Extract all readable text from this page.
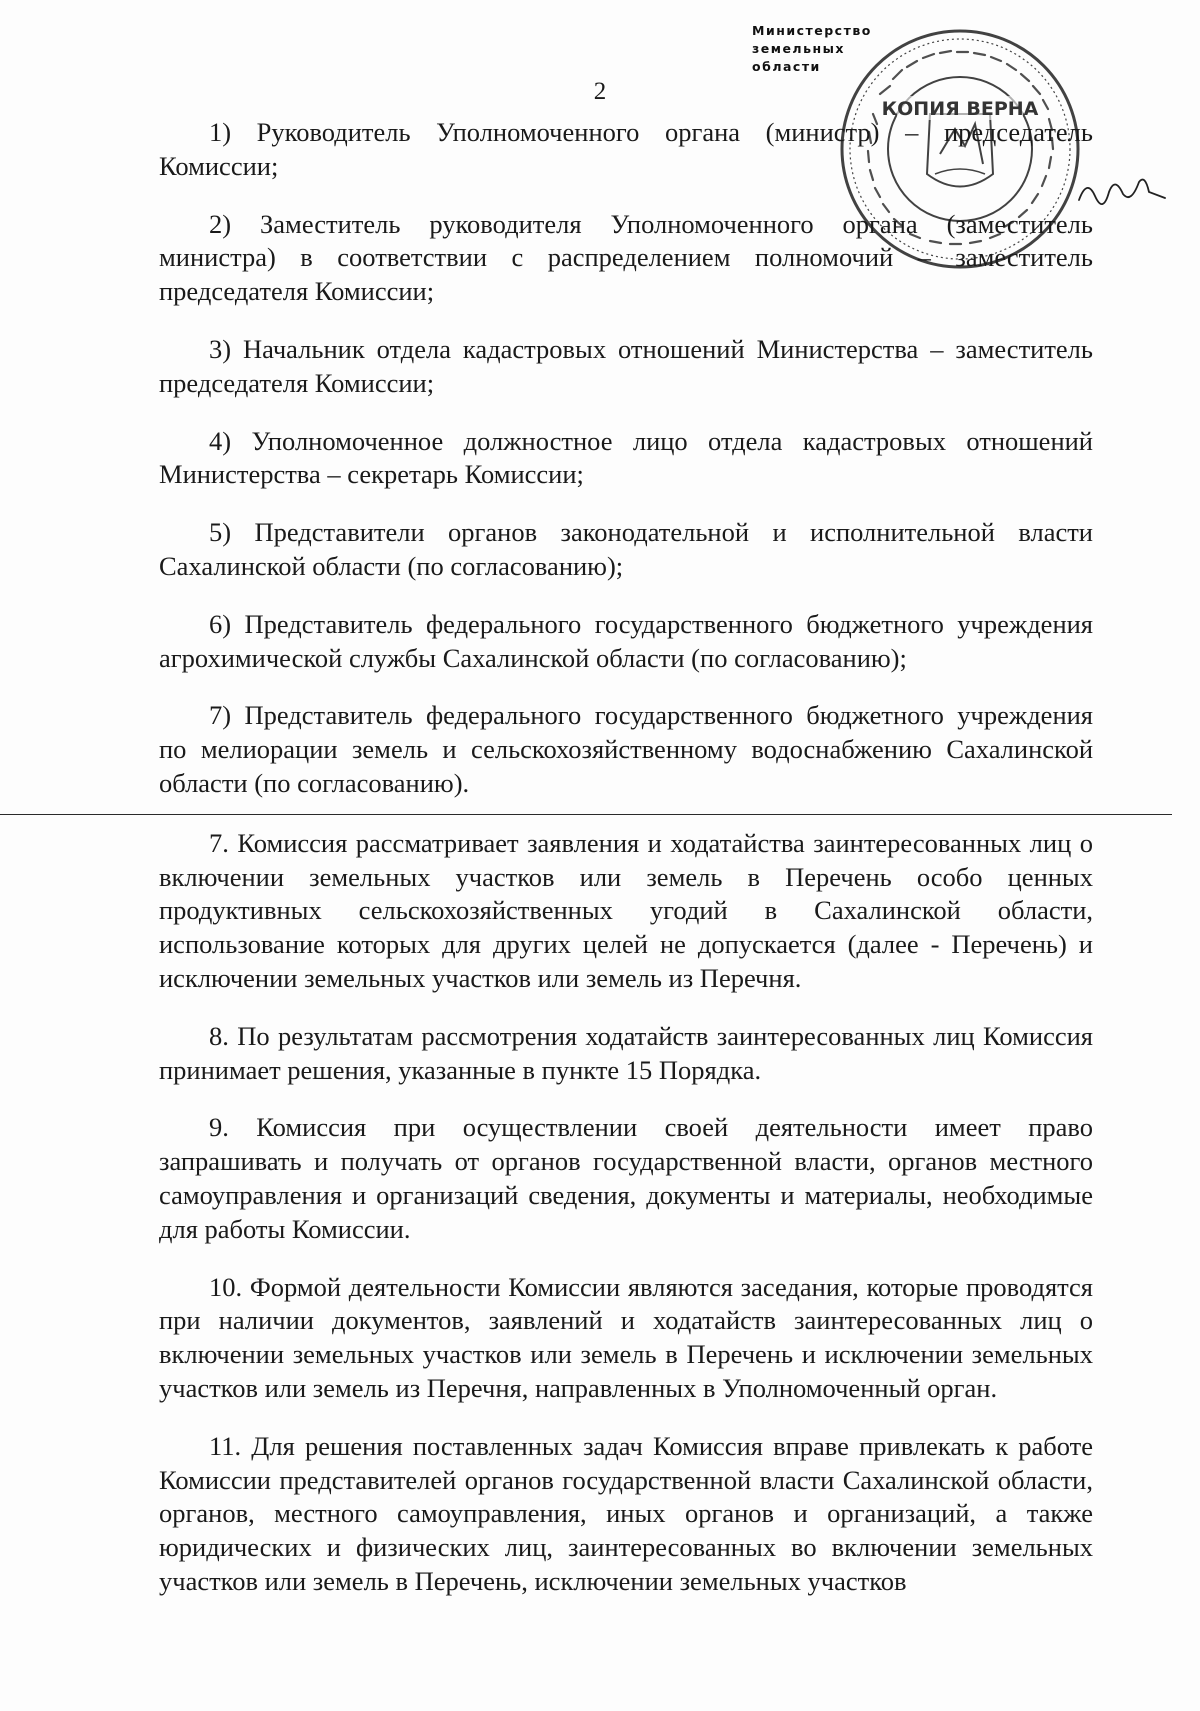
Министерство
земельных
области
КОПИЯ ВЕРНА
2

1) Руководитель Уполномоченного органа (министр) – председатель Комиссии;

2) Заместитель руководителя Уполномоченного органа (заместитель министра) в соответствии с распределением полномочий – заместитель председателя Комиссии;

3) Начальник отдела кадастровых отношений Министерства – заместитель председателя Комиссии;

4) Уполномоченное должностное лицо отдела кадастровых отношений Министерства – секретарь Комиссии;

5) Представители органов законодательной и исполнительной власти Сахалинской области (по согласованию);

6) Представитель федерального государственного бюджетного учреждения агрохимической службы Сахалинской области (по согласованию);

7) Представитель федерального государственного бюджетного учреждения по мелиорации земель и сельскохозяйственному водоснабжению Сахалинской области (по согласованию).

7. Комиссия рассматривает заявления и ходатайства заинтересованных лиц о включении земельных участков или земель в Перечень особо ценных продуктивных сельскохозяйственных угодий в Сахалинской области, использование которых для других целей не допускается (далее - Перечень) и исключении земельных участков или земель из Перечня.

8. По результатам рассмотрения ходатайств заинтересованных лиц Комиссия принимает решения, указанные в пункте 15 Порядка.

9. Комиссия при осуществлении своей деятельности имеет право запрашивать и получать от органов государственной власти, органов местного самоуправления и организаций сведения, документы и материалы, необходимые для работы Комиссии.

10. Формой деятельности Комиссии являются заседания, которые проводятся при наличии документов, заявлений и ходатайств заинтересованных лиц о включении земельных участков или земель в Перечень и исключении земельных участков или земель из Перечня, направленных в Уполномоченный орган.

11. Для решения поставленных задач Комиссия вправе привлекать к работе Комиссии представителей органов государственной власти Сахалинской области, органов, местного самоуправления, иных органов и организаций, а также юридических и физических лиц, заинтересованных во включении земельных участков или земель в Перечень, исключении земельных участков
